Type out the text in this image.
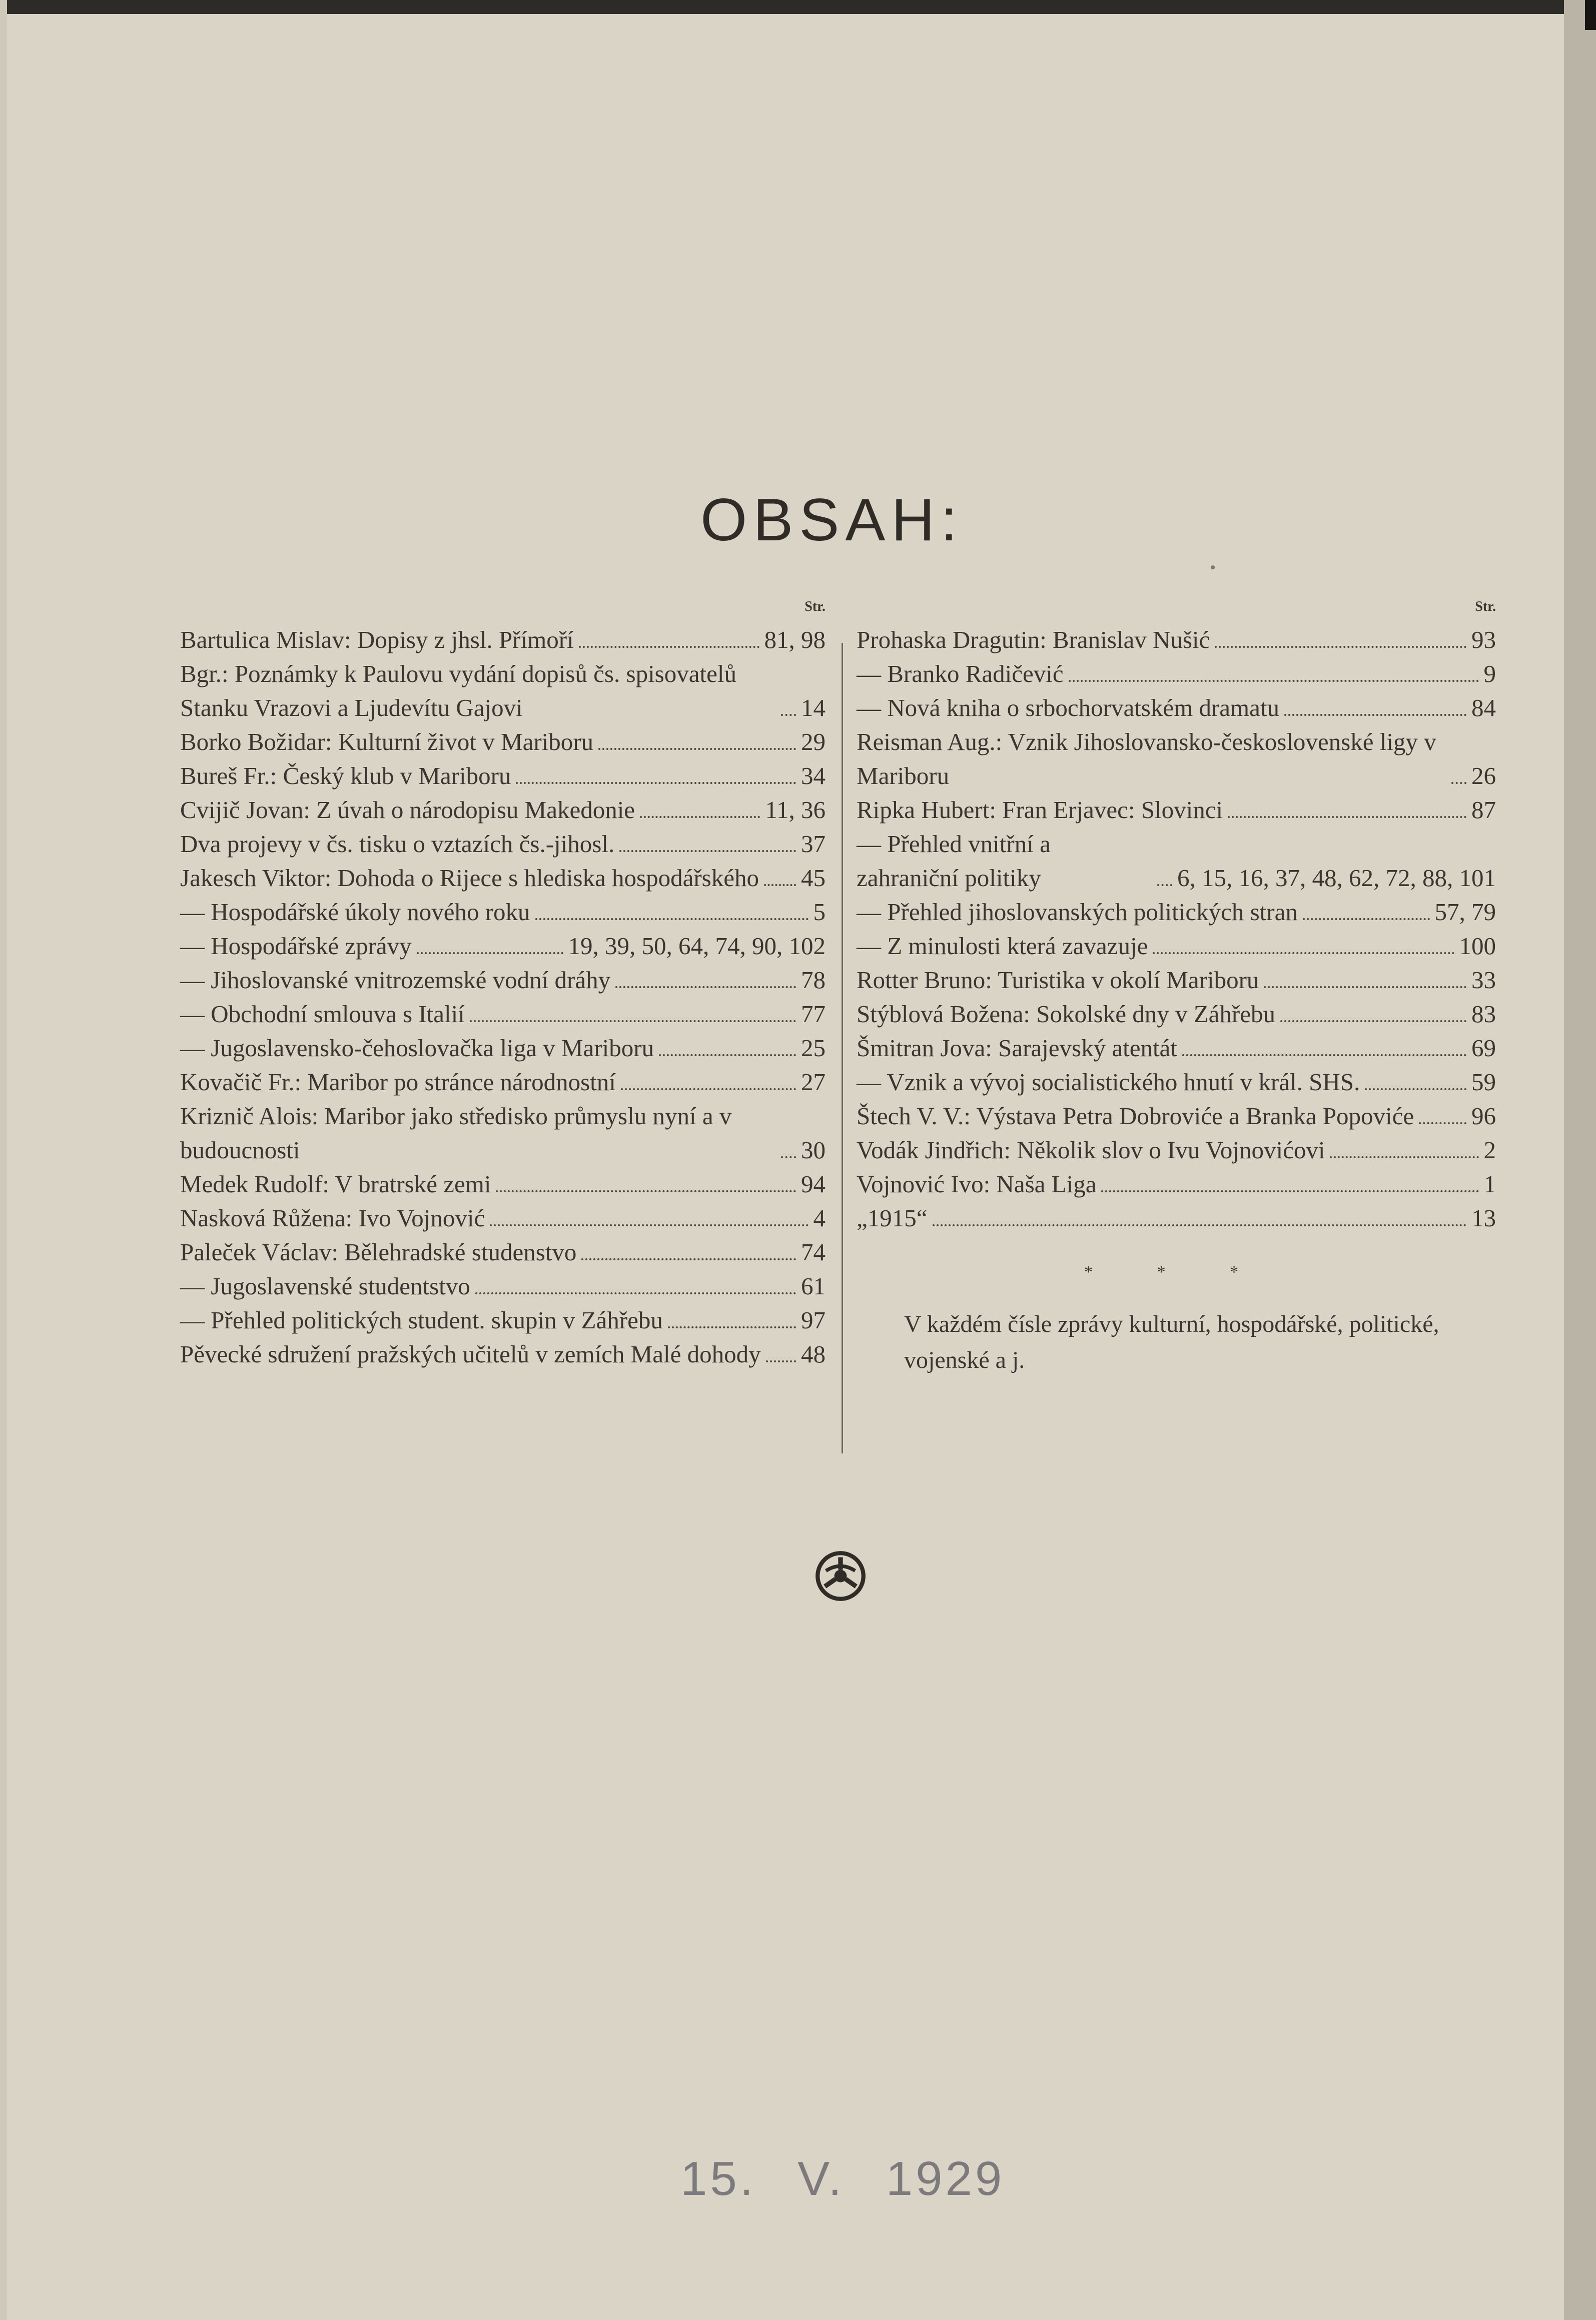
OBSAH:
Str.
Bartulica Mislav: Dopisy z jhsl. Přímoří	81, 98
Bgr.: Poznámky k Paulovu vydání dopisů čs. spisovatelů Stanku Vrazovi a Ljudevítu Gajovi	14
Borko Božidar: Kulturní život v Mariboru	29
Bureš Fr.: Český klub v Mariboru	34
Cvijič Jovan: Z úvah o národopisu Makedonie	11, 36
Dva projevy v čs. tisku o vztazích čs.-jihosl.	37
Jakesch Viktor: Dohoda o Rijece s hlediska hospodářského 45
— Hospodářské úkoly nového roku	5
— Hospodářské zprávy	19, 39, 50, 64, 74, 90, 102
— Jihoslovanské vnitrozemské vodní dráhy	78
— Obchodní smlouva s Italií	77
— Jugoslavensko-čehoslovačka liga v Mariboru	25
Kovačič Fr.: Maribor po stránce národnostní	27
Kriznič Alois: Maribor jako středisko průmyslu nyní a v budoucnosti	30
Medek Rudolf: V bratrské zemi	94
Nasková Růžena: Ivo Vojnović	4
Paleček Václav: Bělehradské studenstvo	74
— Jugoslavenské studentstvo	61
— Přehled politických student. skupin v Záhřebu	97
Pěvecké sdružení pražských učitelů v zemích Malé dohody 48
Str.
Prohaska Dragutin: Branislav Nušić	93
— Branko Radičević	9
— Nová kniha o srbochorvatském dramatu	84
Reisman Aug.: Vznik Jihoslovansko-československé ligy v Mariboru	26
Ripka Hubert: Fran Erjavec: Slovinci	87
— Přehled vnitřní a zahraniční politiky	6, 15, 16, 37, 48, 62, 72, 88, 101
— Přehled jihoslovanských politických stran	57, 79
— Z minulosti která zavazuje	100
Rotter Bruno: Turistika v okolí Mariboru	33
Stýblová Božena: Sokolské dny v Záhřebu	83
Šmitran Jova: Sarajevský atentát	69
— Vznik a vývoj socialistického hnutí v král. SHS.	59
Štech V. V.: Výstava Petra Dobroviće a Branka Popoviće 96
Vodák Jindřich: Několik slov o Ivu Vojnovićovi	2
Vojnović Ivo: Naša Liga	1
„1915“	13
* * *
V každém čísle zprávy kulturní, hospodářské, politické, vojenské a j.
15. V. 1929
